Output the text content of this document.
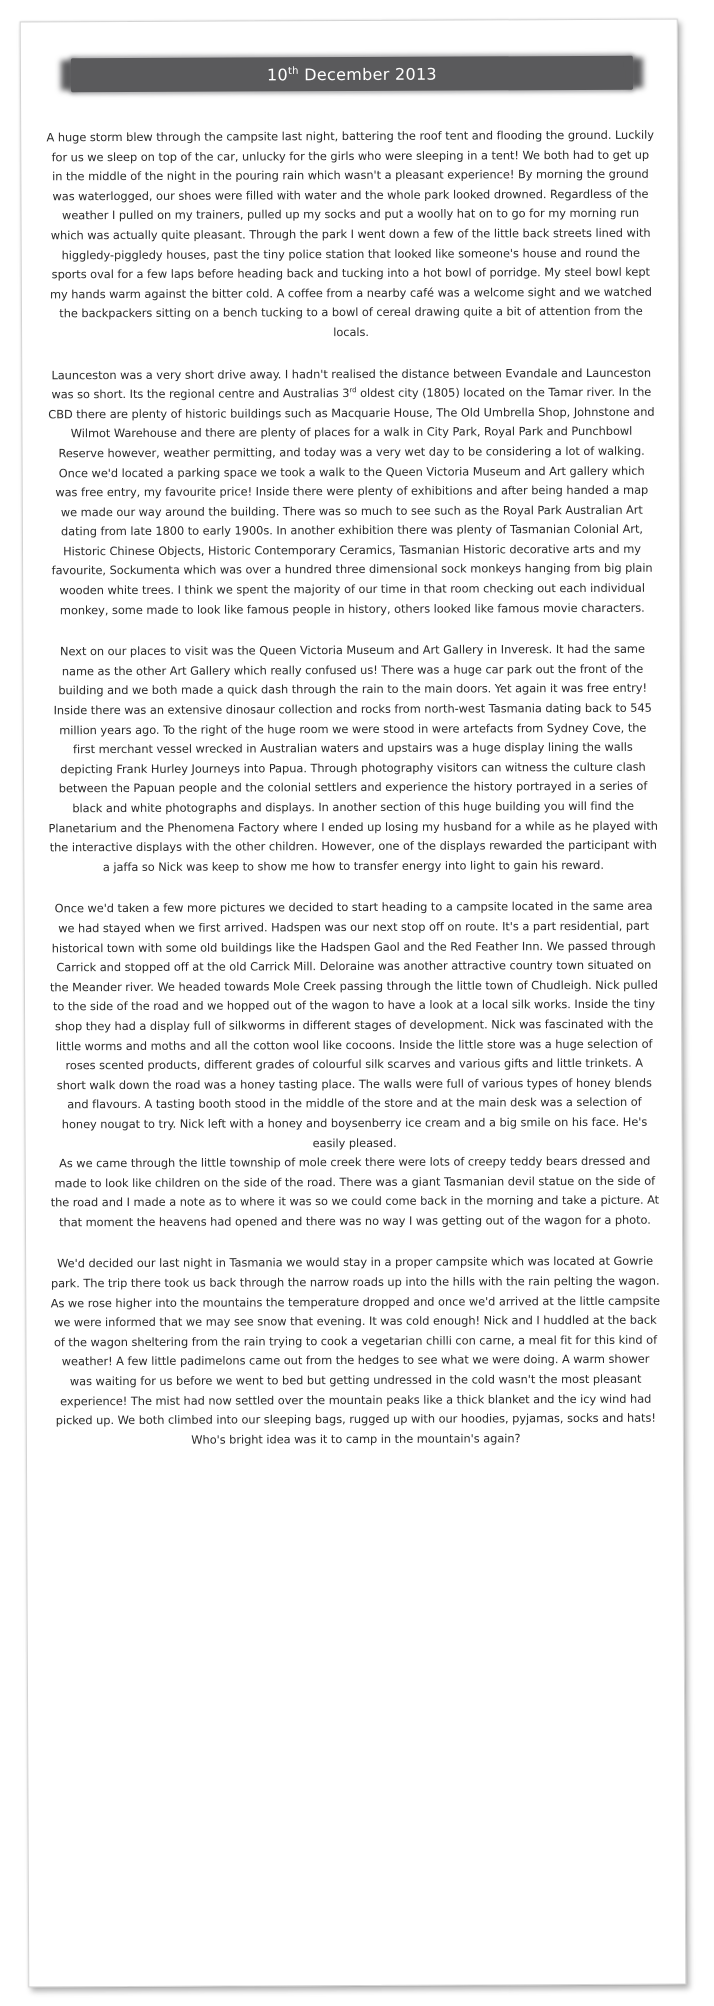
10th December 2013

A huge storm blew through the campsite last night, battering the roof tent and flooding the ground. Luckily for us we sleep on top of the car, unlucky for the girls who were sleeping in a tent! We both had to get up in the middle of the night in the pouring rain which wasn't a pleasant experience! By morning the ground was waterlogged, our shoes were filled with water and the whole park looked drowned. Regardless of the weather I pulled on my trainers, pulled up my socks and put a woolly hat on to go for my morning run which was actually quite pleasant. Through the park I went down a few of the little back streets lined with higgledy-piggledy houses, past the tiny police station that looked like someone's house and round the sports oval for a few laps before heading back and tucking into a hot bowl of porridge. My steel bowl kept my hands warm against the bitter cold. A coffee from a nearby café was a welcome sight and we watched the backpackers sitting on a bench tucking to a bowl of cereal drawing quite a bit of attention from the locals.

Launceston was a very short drive away. I hadn't realised the distance between Evandale and Launceston was so short. Its the regional centre and Australias 3rd oldest city (1805) located on the Tamar river. In the CBD there are plenty of historic buildings such as Macquarie House, The Old Umbrella Shop, Johnstone and Wilmot Warehouse and there are plenty of places for a walk in City Park, Royal Park and Punchbowl Reserve however, weather permitting, and today was a very wet day to be considering a lot of walking. Once we'd located a parking space we took a walk to the Queen Victoria Museum and Art gallery which was free entry, my favourite price! Inside there were plenty of exhibitions and after being handed a map we made our way around the building. There was so much to see such as the Royal Park Australian Art dating from late 1800 to early 1900s. In another exhibition there was plenty of Tasmanian Colonial Art, Historic Chinese Objects, Historic Contemporary Ceramics, Tasmanian Historic decorative arts and my favourite, Sockumenta which was over a hundred three dimensional sock monkeys hanging from big plain wooden white trees. I think we spent the majority of our time in that room checking out each individual monkey, some made to look like famous people in history, others looked like famous movie characters.

Next on our places to visit was the Queen Victoria Museum and Art Gallery in Inveresk. It had the same name as the other Art Gallery which really confused us! There was a huge car park out the front of the building and we both made a quick dash through the rain to the main doors. Yet again it was free entry! Inside there was an extensive dinosaur collection and rocks from north-west Tasmania dating back to 545 million years ago. To the right of the huge room we were stood in were artefacts from Sydney Cove, the first merchant vessel wrecked in Australian waters and upstairs was a huge display lining the walls depicting Frank Hurley Journeys into Papua. Through photography visitors can witness the culture clash between the Papuan people and the colonial settlers and experience the history portrayed in a series of black and white photographs and displays. In another section of this huge building you will find the Planetarium and the Phenomena Factory where I ended up losing my husband for a while as he played with the interactive displays with the other children. However, one of the displays rewarded the participant with a jaffa so Nick was keep to show me how to transfer energy into light to gain his reward.

Once we'd taken a few more pictures we decided to start heading to a campsite located in the same area we had stayed when we first arrived. Hadspen was our next stop off on route. It's a part residential, part historical town with some old buildings like the Hadspen Gaol and the Red Feather Inn. We passed through Carrick and stopped off at the old Carrick Mill. Deloraine was another attractive country town situated on the Meander river. We headed towards Mole Creek passing through the little town of Chudleigh. Nick pulled to the side of the road and we hopped out of the wagon to have a look at a local silk works. Inside the tiny shop they had a display full of silkworms in different stages of development. Nick was fascinated with the little worms and moths and all the cotton wool like cocoons. Inside the little store was a huge selection of roses scented products, different grades of colourful silk scarves and various gifts and little trinkets. A short walk down the road was a honey tasting place. The walls were full of various types of honey blends and flavours. A tasting booth stood in the middle of the store and at the main desk was a selection of honey nougat to try. Nick left with a honey and boysenberry ice cream and a big smile on his face. He's easily pleased.

As we came through the little township of mole creek there were lots of creepy teddy bears dressed and made to look like children on the side of the road. There was a giant Tasmanian devil statue on the side of the road and I made a note as to where it was so we could come back in the morning and take a picture. At that moment the heavens had opened and there was no way I was getting out of the wagon for a photo.

We'd decided our last night in Tasmania we would stay in a proper campsite which was located at Gowrie park. The trip there took us back through the narrow roads up into the hills with the rain pelting the wagon. As we rose higher into the mountains the temperature dropped and once we'd arrived at the little campsite we were informed that we may see snow that evening. It was cold enough! Nick and I huddled at the back of the wagon sheltering from the rain trying to cook a vegetarian chilli con carne, a meal fit for this kind of weather! A few little padimelons came out from the hedges to see what we were doing. A warm shower was waiting for us before we went to bed but getting undressed in the cold wasn't the most pleasant experience! The mist had now settled over the mountain peaks like a thick blanket and the icy wind had picked up. We both climbed into our sleeping bags, rugged up with our hoodies, pyjamas, socks and hats! Who's bright idea was it to camp in the mountain's again?
